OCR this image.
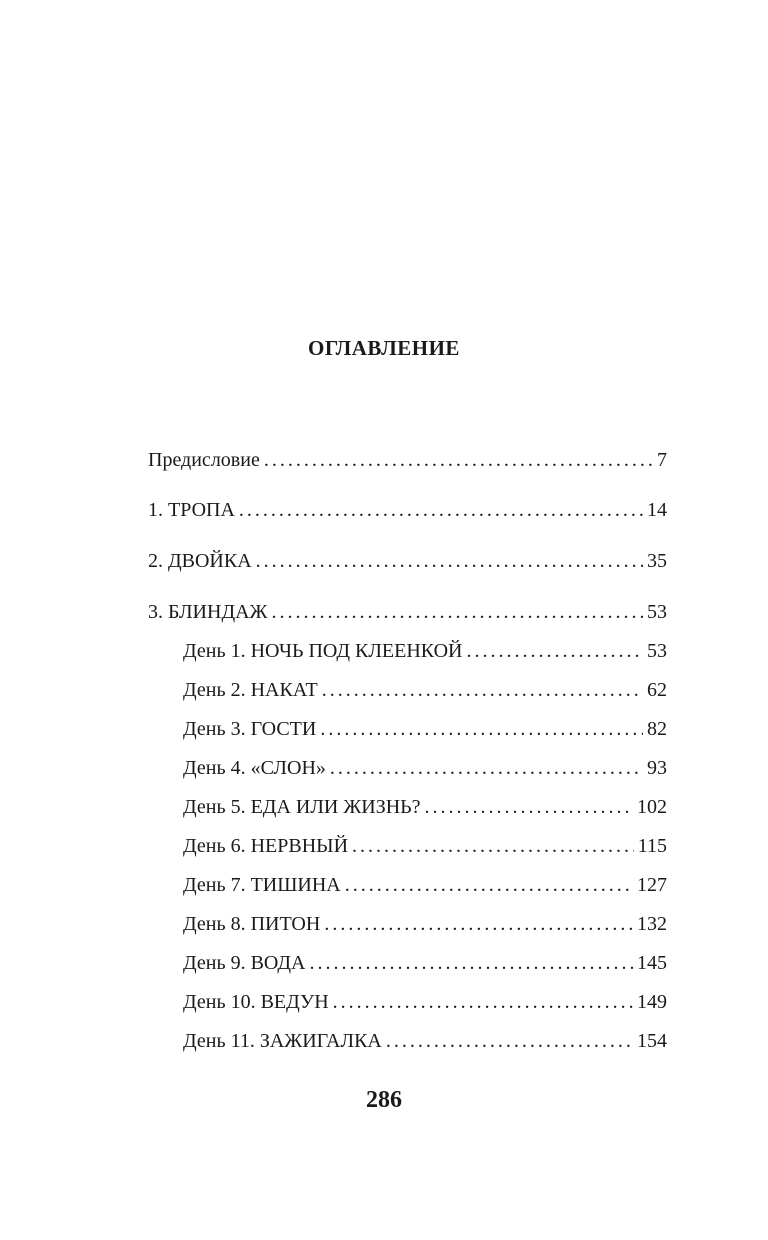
ОГЛАВЛЕНИЕ
Предисловие . . .	7
1. ТРОПА . . .	14
2. ДВОЙКА . . .	35
3. БЛИНДАЖ . . .	53
День 1. НОЧЬ ПОД КЛЕЕНКОЙ . . .	53
День 2. НАКАТ . . .	62
День 3. ГОСТИ . . .	82
День 4. «СЛОН» . . .	93
День 5. ЕДА ИЛИ ЖИЗНЬ? . . .	102
День 6. НЕРВНЫЙ . . .	115
День 7. ТИШИНА . . .	127
День 8. ПИТОН . . .	132
День 9. ВОДА . . .	145
День 10. ВЕДУН . . .	149
День 11. ЗАЖИГАЛКА . . .	154
286
